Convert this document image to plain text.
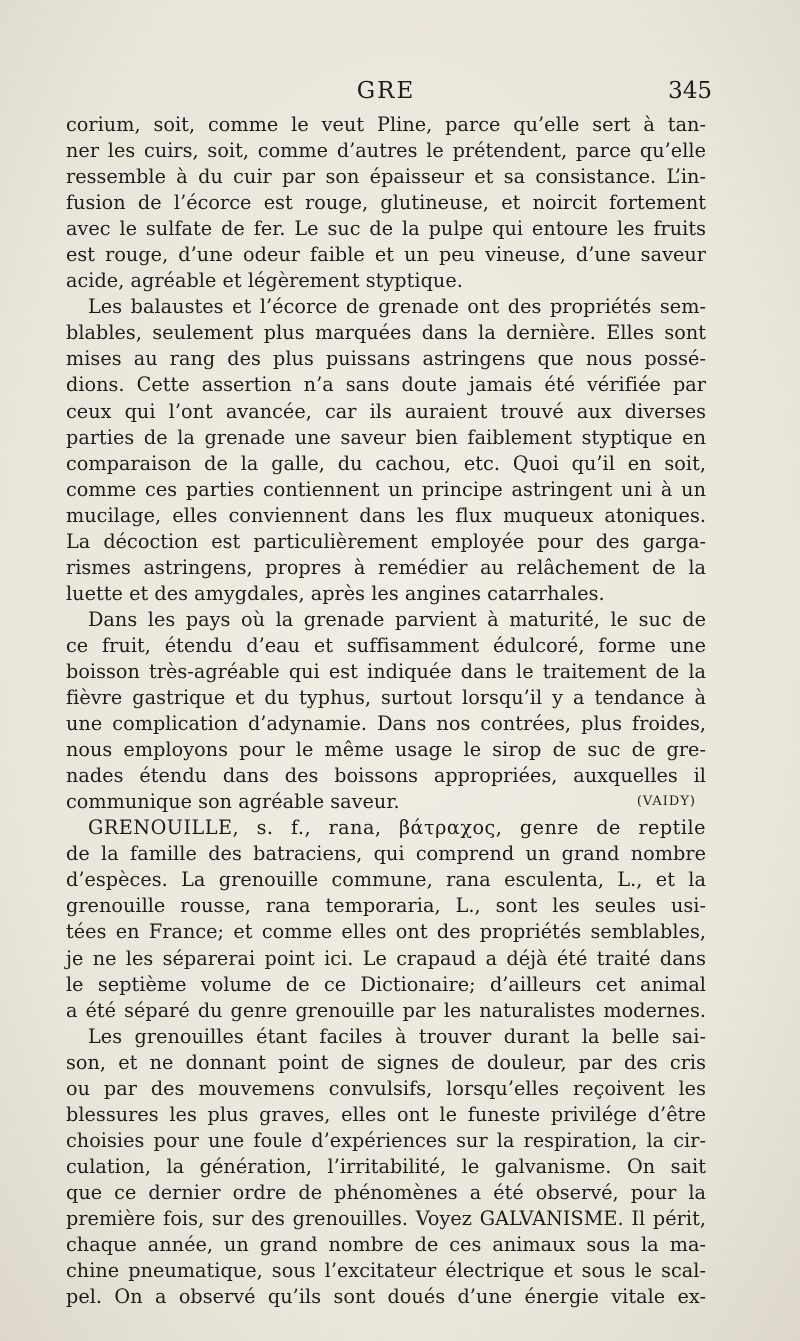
GRE	345
corium, soit, comme le veut Pline, parce qu’elle sert à tan-
ner les cuirs, soit, comme d’autres le prétendent, parce qu’elle
ressemble à du cuir par son épaisseur et sa consistance. L’in-
fusion de l’écorce est rouge, glutineuse, et noircit fortement
avec le sulfate de fer. Le suc de la pulpe qui entoure les fruits
est rouge, d’une odeur faible et un peu vineuse, d’une saveur
acide, agréable et légèrement styptique.
Les balaustes et l’écorce de grenade ont des propriétés sem-
blables, seulement plus marquées dans la dernière. Elles sont
mises au rang des plus puissans astringens que nous possé-
dions. Cette assertion n’a sans doute jamais été vérifiée par
ceux qui l’ont avancée, car ils auraient trouvé aux diverses
parties de la grenade une saveur bien faiblement styptique en
comparaison de la galle, du cachou, etc. Quoi qu’il en soit,
comme ces parties contiennent un principe astringent uni à un
mucilage, elles conviennent dans les flux muqueux atoniques.
La décoction est particulièrement employée pour des garga-
rismes astringens, propres à remédier au relâchement de la
luette et des amygdales, après les angines catarrhales.
Dans les pays où la grenade parvient à maturité, le suc de
ce fruit, étendu d’eau et suffisamment édulcoré, forme une
boisson très-agréable qui est indiquée dans le traitement de la
fièvre gastrique et du typhus, surtout lorsqu’il y a tendance à
une complication d’adynamie. Dans nos contrées, plus froides,
nous employons pour le même usage le sirop de suc de gre-
nades étendu dans des boissons appropriées, auxquelles il
communique son agréable saveur.	(VAIDY)
GRENOUILLE, s. f., rana, βάτραχος, genre de reptile
de la famille des batraciens, qui comprend un grand nombre
d’espèces. La grenouille commune, rana esculenta, L., et la
grenouille rousse, rana temporaria, L., sont les seules usi-
tées en France; et comme elles ont des propriétés semblables,
je ne les séparerai point ici. Le crapaud a déjà été traité dans
le septième volume de ce Dictionaire; d’ailleurs cet animal
a été séparé du genre grenouille par les naturalistes modernes.
Les grenouilles étant faciles à trouver durant la belle sai-
son, et ne donnant point de signes de douleur, par des cris
ou par des mouvemens convulsifs, lorsqu’elles reçoivent les
blessures les plus graves, elles ont le funeste privilége d’être
choisies pour une foule d’expériences sur la respiration, la cir-
culation, la génération, l’irritabilité, le galvanisme. On sait
que ce dernier ordre de phénomènes a été observé, pour la
première fois, sur des grenouilles. Voyez GALVANISME. Il périt,
chaque année, un grand nombre de ces animaux sous la ma-
chine pneumatique, sous l’excitateur électrique et sous le scal-
pel. On a observé qu’ils sont doués d’une énergie vitale ex-
